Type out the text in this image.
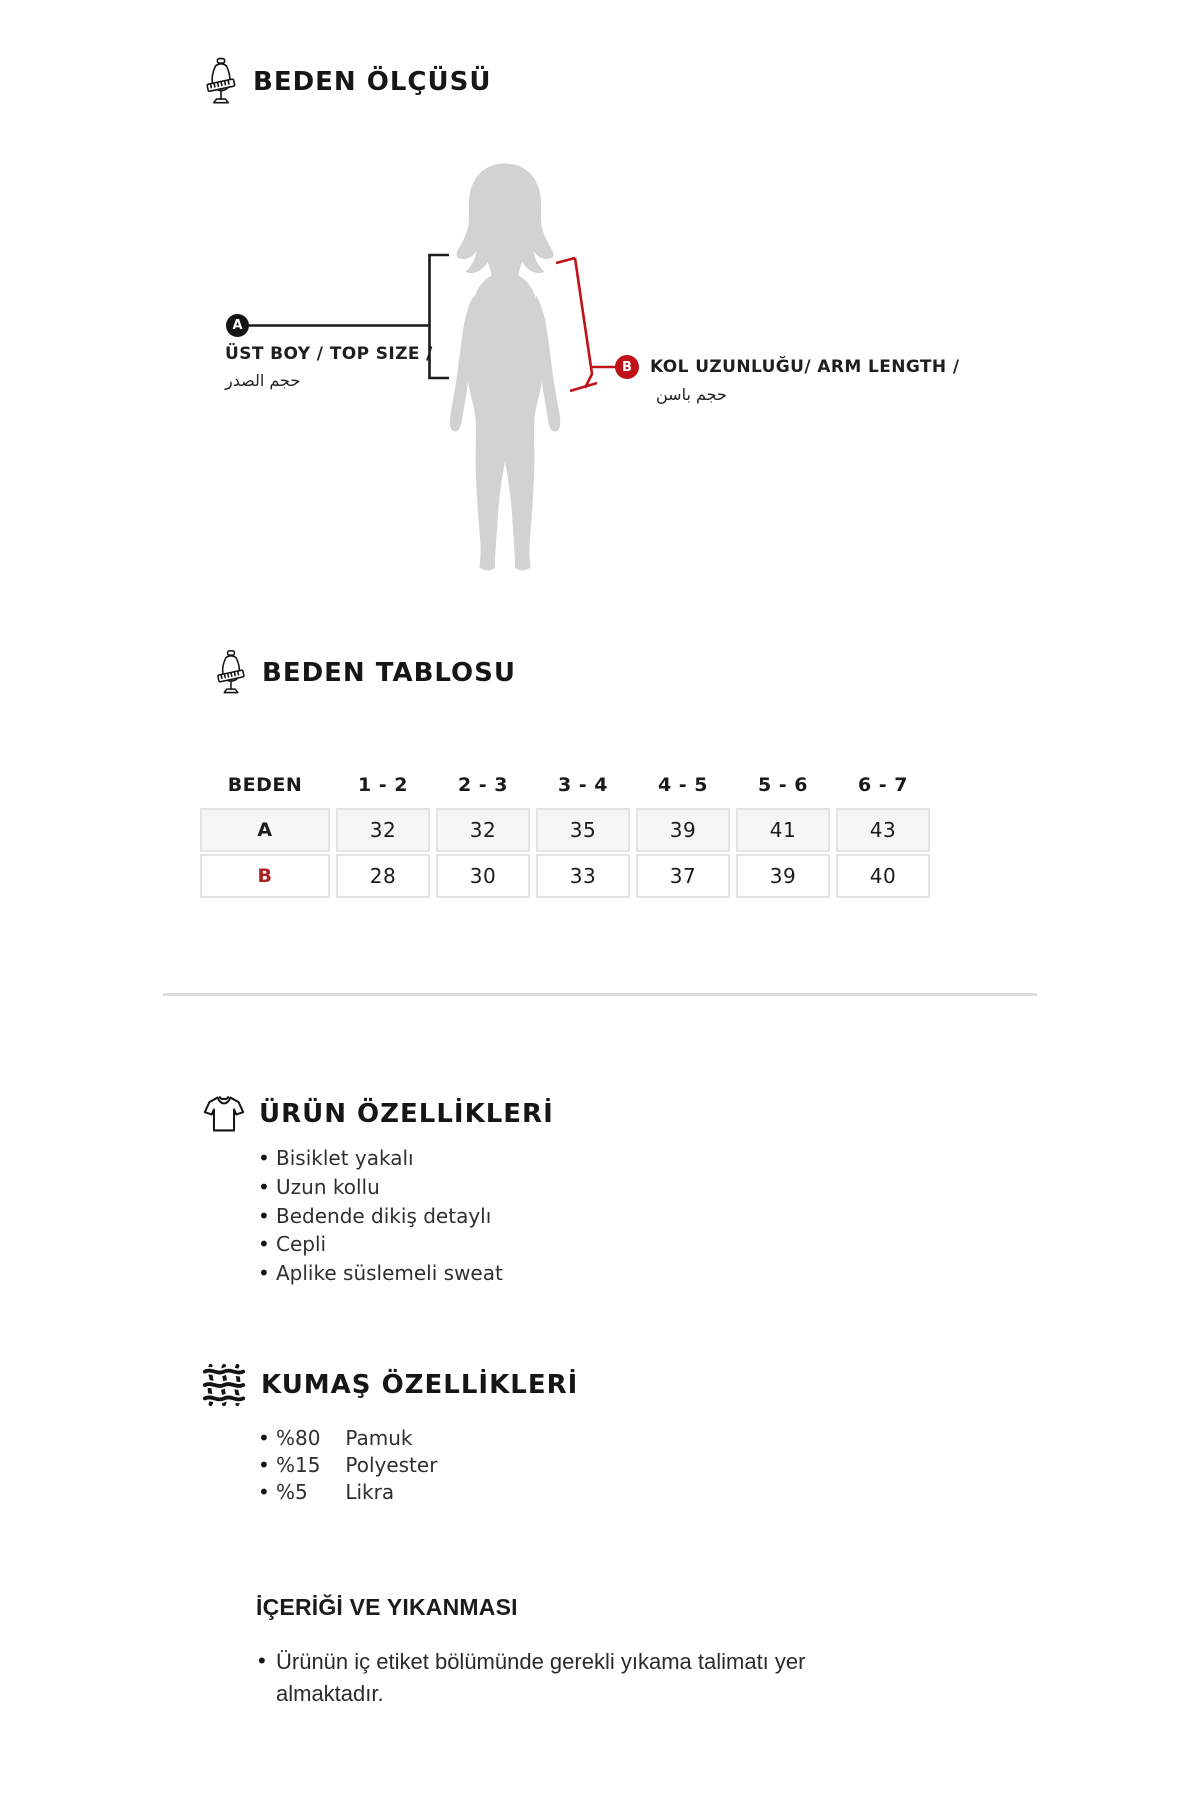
BEDEN ÖLÇÜSÜ
A
ÜST BOY / TOP SIZE /
حجم الصدر
B KOL UZUNLUĞU/ ARM LENGTH /
حجم باسن
BEDEN TABLOSU
BEDEN	1 - 2	2 - 3	3 - 4	4 - 5	5 - 6	6 - 7
A	32	32	35	39	41	43
B	28	30	33	37	39	40
ÜRÜN ÖZELLİKLERİ
• Bisiklet yakalı
• Uzun kollu
• Bedende dikiş detaylı
• Cepli
• Aplike süslemeli sweat
KUMAŞ ÖZELLİKLERİ
• %80 Pamuk
• %15 Polyester
• %5 Likra
İÇERİĞİ VE YIKANMASI
• Ürünün iç etiket bölümünde gerekli yıkama talimatı yer almaktadır.
